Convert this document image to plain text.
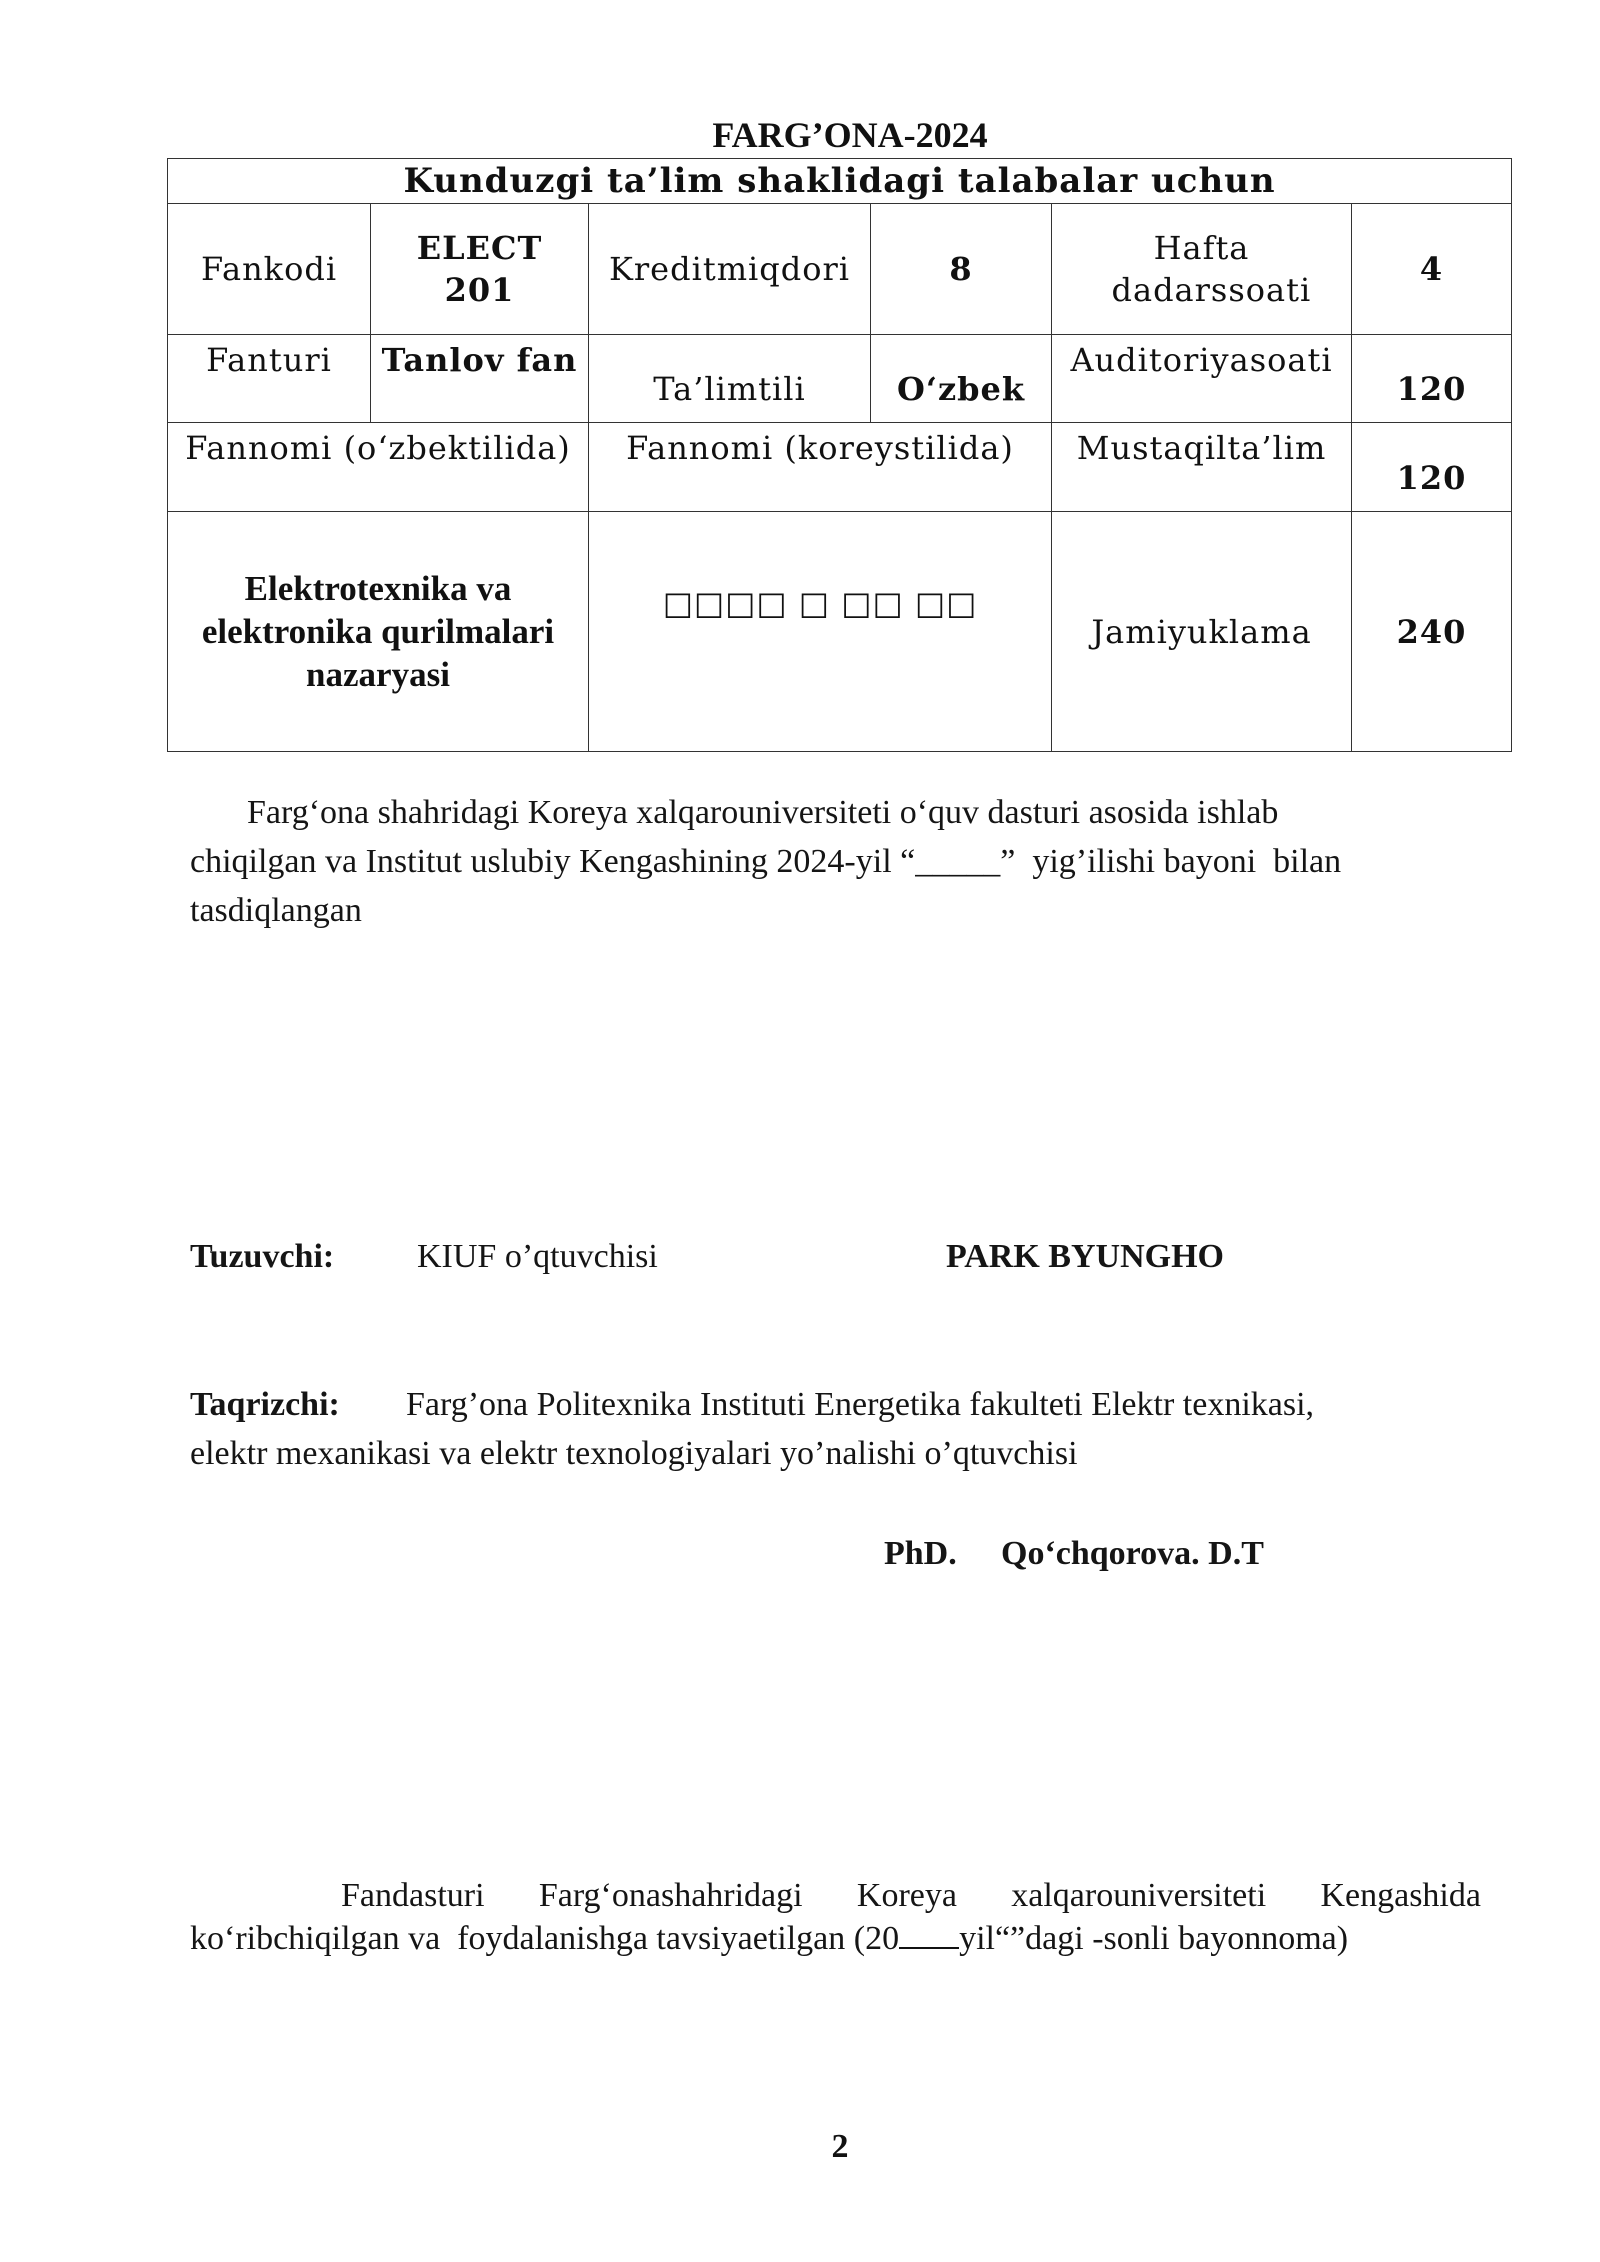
FARG’ONA-2024
Kunduzgi ta’lim shaklidagi talabalar uchun					
Fankodi	ELECT 201	Kreditmiqdori	8	Hafta dadarssoati	4
Fanturi	Tanlov fan	Ta’limtili	O‘zbek	Auditoriyasoati	120
Fannomi (o‘zbektilida)		Fannomi (koreystilida)		Mustaqilta’lim	120
Elektrotexnika va elektronika qurilmalari nazaryasi		□□□□ □ □□ □□		Jamiyuklama	240
Farg‘ona shahridagi Koreya xalqarouniversiteti o‘quv dasturi asosida ishlab
chiqilgan va Institut uslubiy Kengashining 2024-yil “_____”  yig’ilishi bayoni  bilan
tasdiqlangan
Tuzuvchi: KIUF o’qtuvchisi	PARK BYUNGHO
Taqrizchi: Farg’ona Politexnika Instituti Energetika fakulteti Elektr texnikasi,
elektr mexanikasi va elektr texnologiyalari yo’nalishi o’qtuvchisi
PhD. Qo‘chqorova. D.T
Fandasturi Farg‘onashahridagi Koreya xalqarouniversiteti Kengashida
ko‘ribchiqilgan va  foydalanishga tavsiyaetilgan (20 yil“”dagi -sonli bayonnoma)
2
